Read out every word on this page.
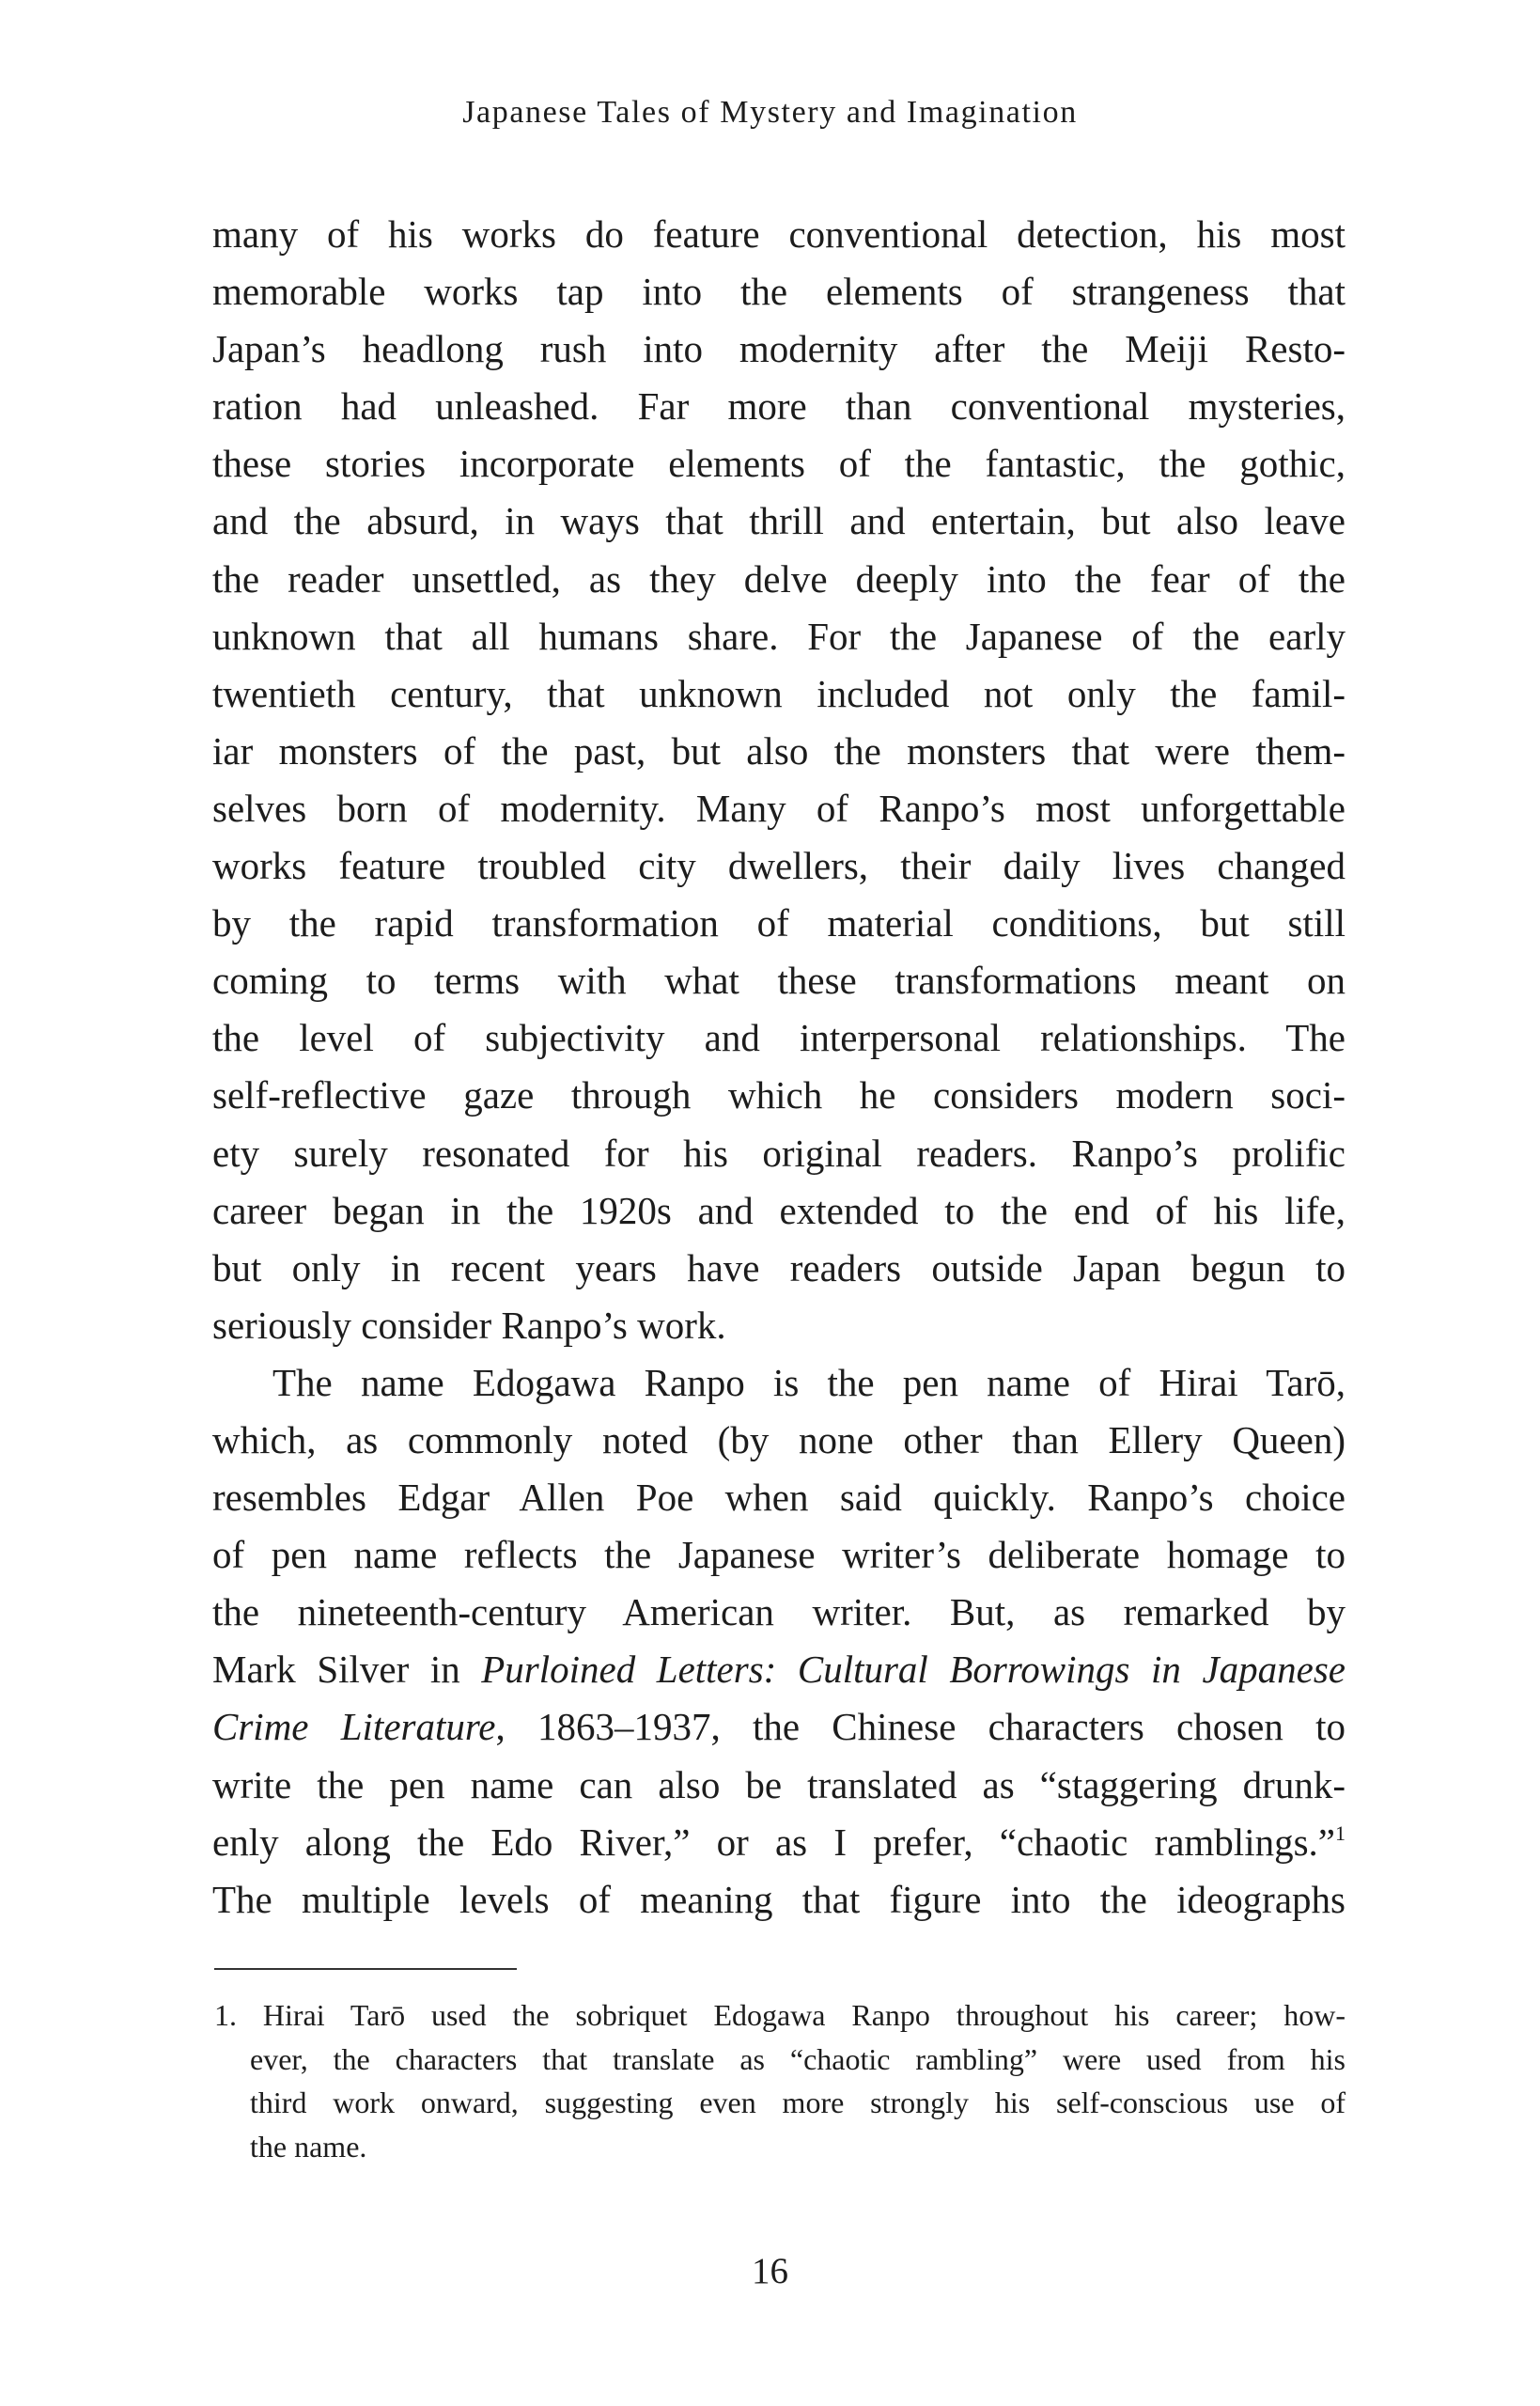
Japanese Tales of Mystery and Imagination
many of his works do feature conventional detection, his most
memorable works tap into the elements of strangeness that
Japan’s headlong rush into modernity after the Meiji Resto-
ration had unleashed. Far more than conventional mysteries,
these stories incorporate elements of the fantastic, the gothic,
and the absurd, in ways that thrill and entertain, but also leave
the reader unsettled, as they delve deeply into the fear of the
unknown that all humans share. For the Japanese of the early
twentieth century, that unknown included not only the famil-
iar monsters of the past, but also the monsters that were them-
selves born of modernity. Many of Ranpo’s most unforgettable
works feature troubled city dwellers, their daily lives changed
by the rapid transformation of material conditions, but still
coming to terms with what these transformations meant on
the level of subjectivity and interpersonal relationships. The
self-reflective gaze through which he considers modern soci-
ety surely resonated for his original readers. Ranpo’s prolific
career began in the 1920s and extended to the end of his life,
but only in recent years have readers outside Japan begun to
seriously consider Ranpo’s work.
The name Edogawa Ranpo is the pen name of Hirai Tarō,
which, as commonly noted (by none other than Ellery Queen)
resembles Edgar Allen Poe when said quickly. Ranpo’s choice
of pen name reflects the Japanese writer’s deliberate homage to
the nineteenth-century American writer. But, as remarked by
Mark Silver in Purloined Letters: Cultural Borrowings in Japanese
Crime Literature, 1863–1937, the Chinese characters chosen to
write the pen name can also be translated as “staggering drunk-
enly along the Edo River,” or as I prefer, “chaotic ramblings.”$^1$
The multiple levels of meaning that figure into the ideographs
1. Hirai Tarō used the sobriquet Edogawa Ranpo throughout his career; how-
ever, the characters that translate as “chaotic rambling” were used from his
third work onward, suggesting even more strongly his self-conscious use of
the name.
16
